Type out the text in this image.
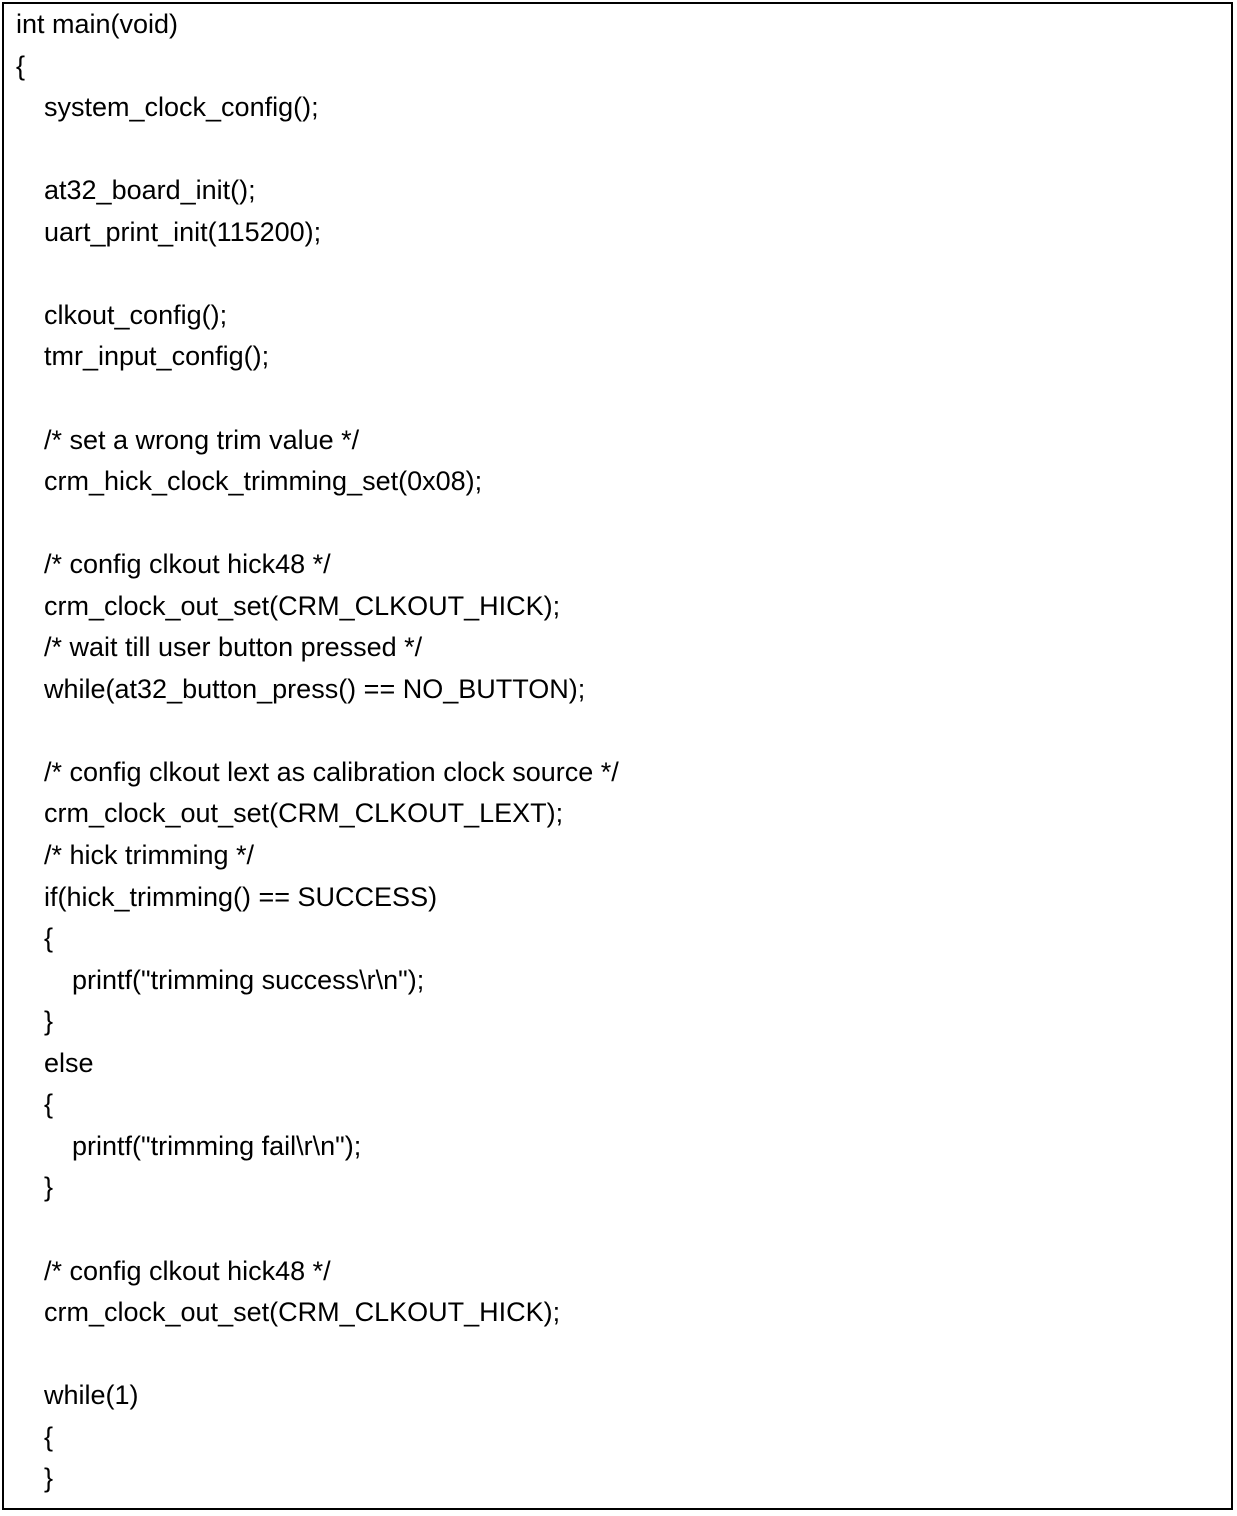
int main(void)
{
system_clock_config();
at32_board_init();
uart_print_init(115200);
clkout_config();
tmr_input_config();
/* set a wrong trim value */
crm_hick_clock_trimming_set(0x08);
/* config clkout hick48 */
crm_clock_out_set(CRM_CLKOUT_HICK);
/* wait till user button pressed */
while(at32_button_press() == NO_BUTTON);
/* config clkout lext as calibration clock source */
crm_clock_out_set(CRM_CLKOUT_LEXT);
/* hick trimming */
if(hick_trimming() == SUCCESS)
{
printf("trimming success\r\n");
}
else
{
printf("trimming fail\r\n");
}
/* config clkout hick48 */
crm_clock_out_set(CRM_CLKOUT_HICK);
while(1)
{
}
